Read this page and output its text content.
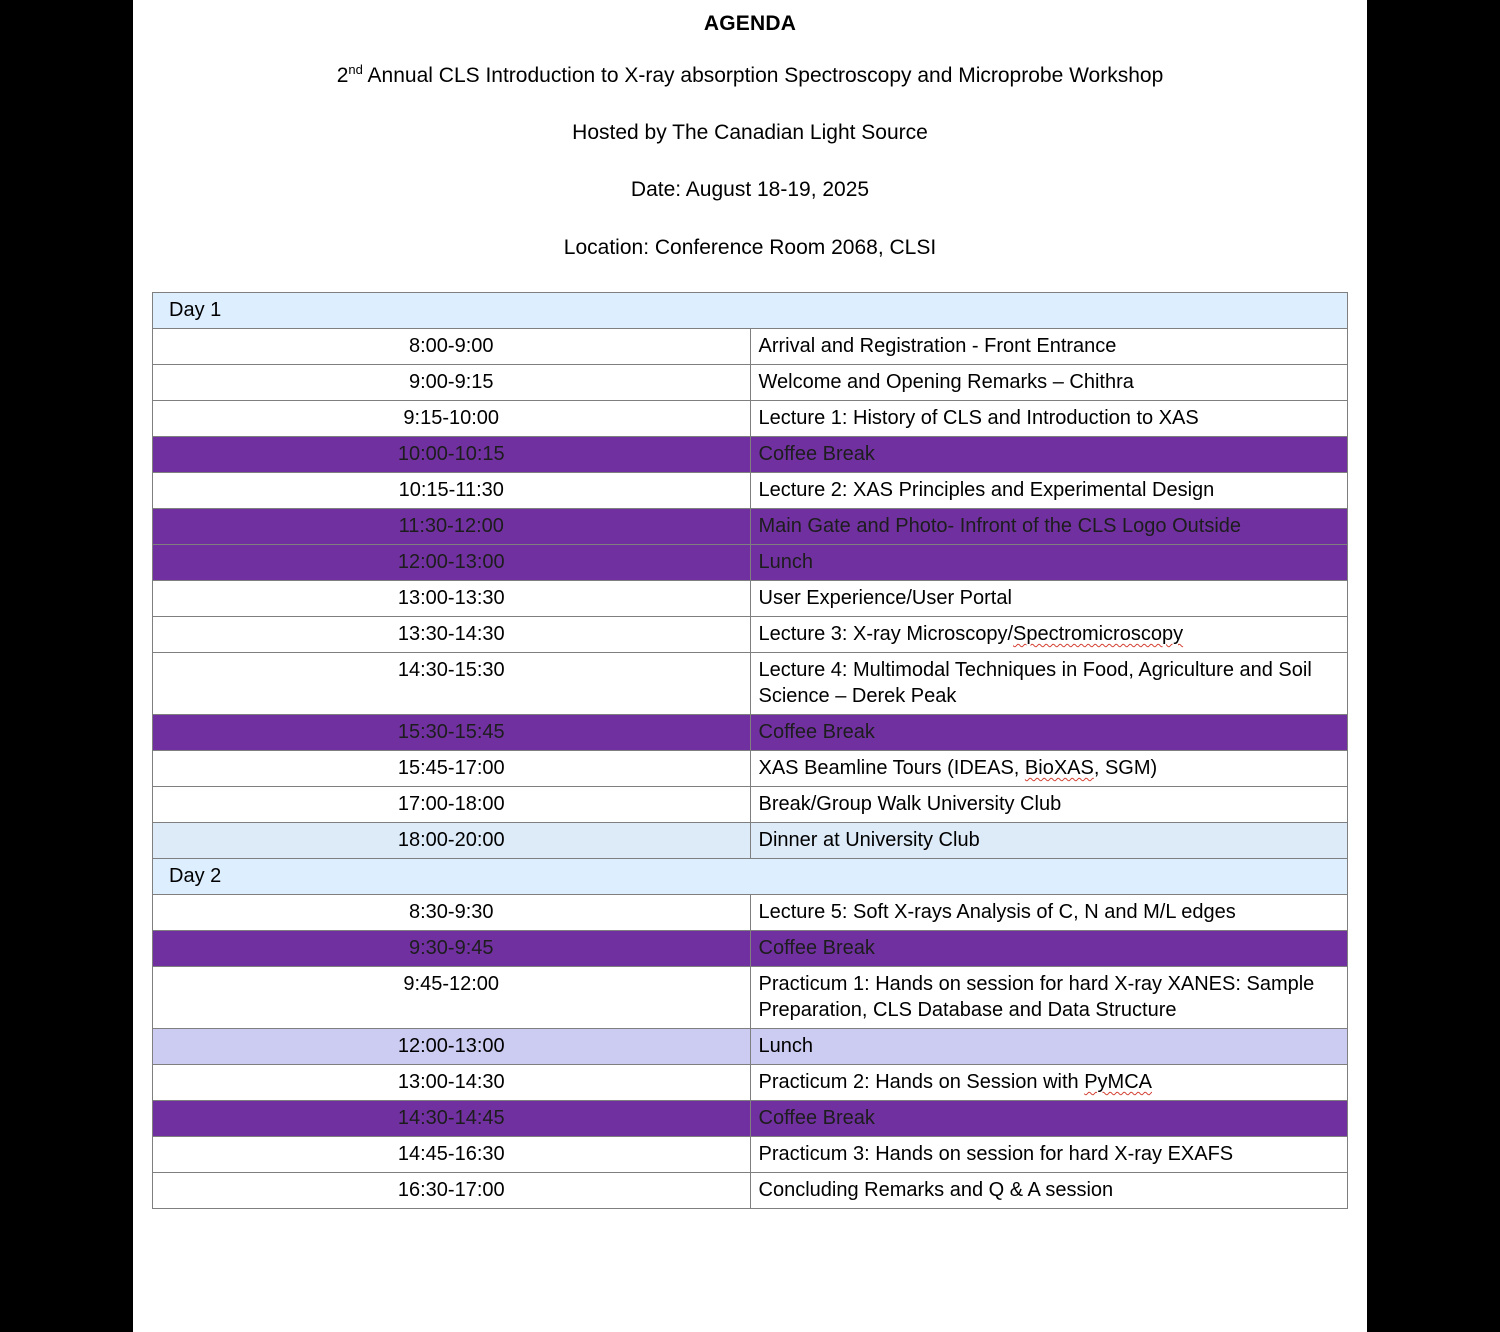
AGENDA
2nd Annual CLS Introduction to X-ray absorption Spectroscopy and Microprobe Workshop
Hosted by The Canadian Light Source
Date: August 18-19, 2025
Location: Conference Room 2068, CLSI
Day 1	
8:00-9:00	Arrival and Registration - Front Entrance
9:00-9:15	Welcome and Opening Remarks – Chithra
9:15-10:00	Lecture 1: History of CLS and Introduction to XAS
10:00-10:15	Coffee Break
10:15-11:30	Lecture 2: XAS Principles and Experimental Design
11:30-12:00	Main Gate and Photo- Infront of the CLS Logo Outside
12:00-13:00	Lunch
13:00-13:30	User Experience/User Portal
13:30-14:30	Lecture 3: X-ray Microscopy/Spectromicroscopy
14:30-15:30	Lecture 4: Multimodal Techniques in Food, Agriculture and Soil Science – Derek Peak
15:30-15:45	Coffee Break
15:45-17:00	XAS Beamline Tours (IDEAS, BioXAS, SGM)
17:00-18:00	Break/Group Walk University Club
18:00-20:00	Dinner at University Club
Day 2	
8:30-9:30	Lecture 5: Soft X-rays Analysis of C, N and M/L edges
9:30-9:45	Coffee Break
9:45-12:00	Practicum 1: Hands on session for hard X-ray XANES: Sample Preparation, CLS Database and Data Structure
12:00-13:00	Lunch
13:00-14:30	Practicum 2: Hands on Session with PyMCA
14:30-14:45	Coffee Break
14:45-16:30	Practicum 3: Hands on session for hard X-ray EXAFS
16:30-17:00	Concluding Remarks and Q & A session
